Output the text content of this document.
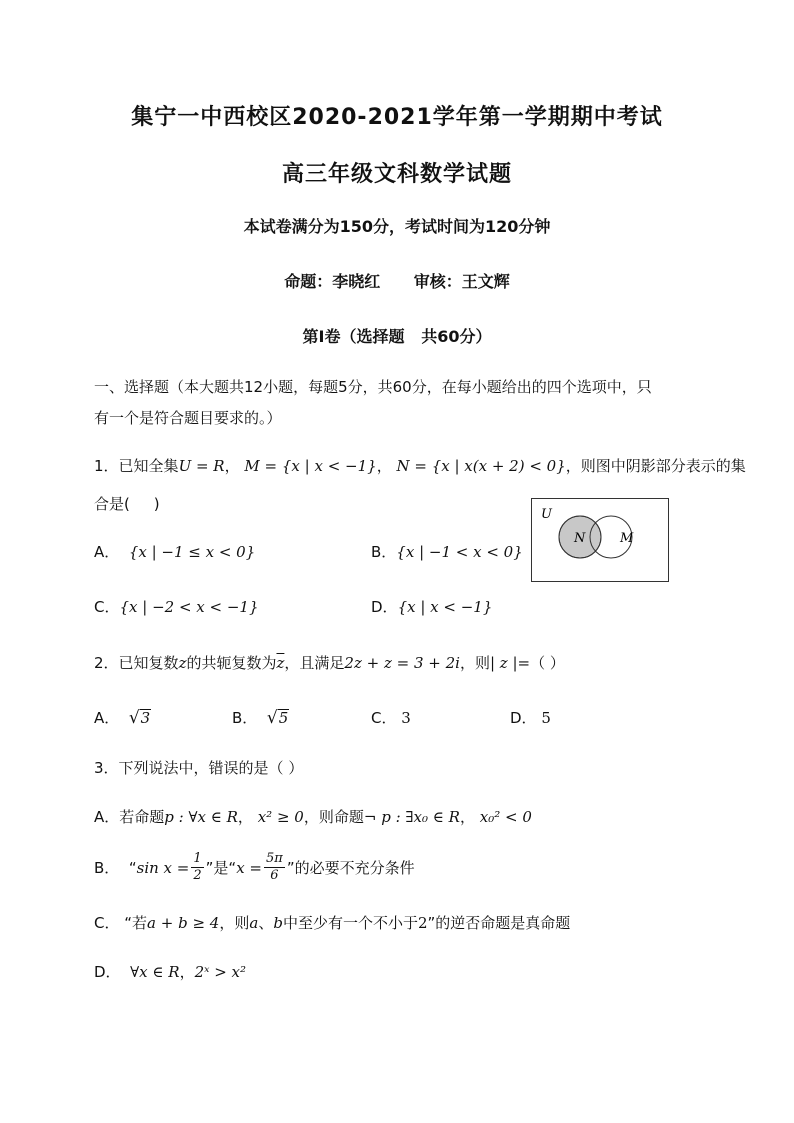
集宁一中西校区2020-2021学年第一学期期中考试
高三年级文科数学试题
本试卷满分为150分，考试时间为120分钟
命题：李晓红      审核：王文辉
第Ⅰ卷（选择题   共60分）
一、选择题（本大题共12小题，每题5分，共60分，在每小题给出的四个选项中，只
有一个是符合题目要求的。）
1．已知全集U = R， M = {x | x < −1}， N = {x | x(x + 2) < 0}，则图中阴影部分表示的集
合是(     )
A． {x | −1 ≤ x < 0}	B．{x | −1 < x < 0}
C．{x | −2 < x < −1}	D．{x | x < −1}
U
N	M
2．已知复数z的共轭复数为$\overline{z}$，且满足2z + z = 3 + 2i，则| z |=（ ）
A． √3	B． √5	C． 3	D． 5
3．下列说法中，错误的是（ ）
A．若命题p : ∀x ∈ R， x² ≥ 0，则命题¬ p : ∃x₀ ∈ R， x₀² < 0
B．
“ $\sin x = \frac{1}{2}$ ”是“ $x = \frac{5\pi}{6}$ ”的必要不充分条件
C． “若a + b ≥ 4，则a、b中至少有一个不小于2”的逆否命题是真命题
D． ∀x ∈ R，2ˣ > x²
